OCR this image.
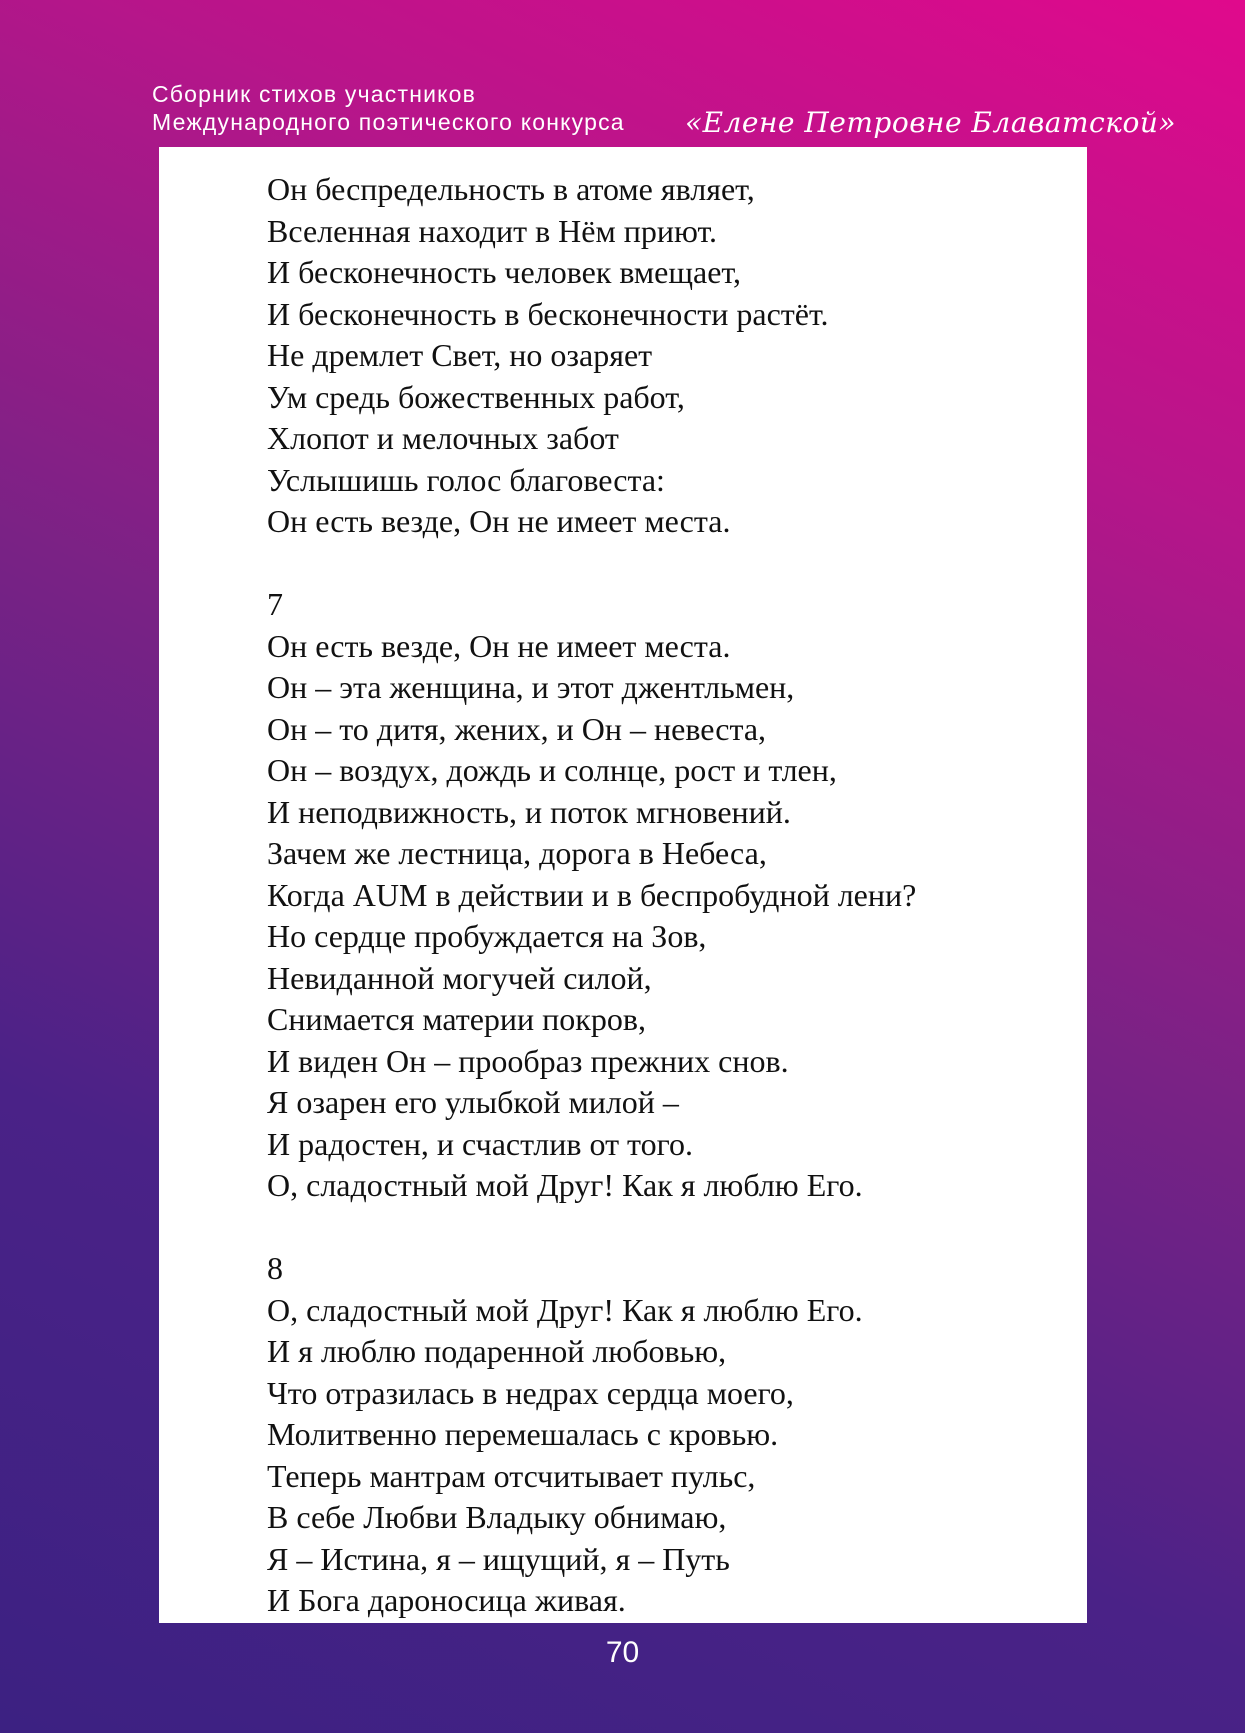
Сборник стихов участников
Международного поэтического конкурса	«Елене Петровне Блаватской»
Он беспредельность в атоме являет,
Вселенная находит в Нём приют.
И бесконечность человек вмещает,
И бесконечность в бесконечности растёт.
Не дремлет Свет, но озаряет
Ум средь божественных работ,
Хлопот и мелочных забот
Услышишь голос благовеста:
Он есть везде, Он не имеет места.
7
Он есть везде, Он не имеет места.
Он – эта женщина, и этот джентльмен,
Он – то дитя, жених, и Он – невеста,
Он – воздух, дождь и солнце, рост и тлен,
И неподвижность, и поток мгновений.
Зачем же лестница, дорога в Небеса,
Когда AUM в действии и в беспробудной лени?
Но сердце пробуждается на Зов,
Невиданной могучей силой,
Снимается материи покров,
И виден Он – прообраз прежних снов.
Я озарен его улыбкой милой –
И радостен, и счастлив от того.
О, сладостный мой Друг! Как я люблю Его.
8
О, сладостный мой Друг! Как я люблю Его.
И я люблю подаренной любовью,
Что отразилась в недрах сердца моего,
Молитвенно перемешалась с кровью.
Теперь мантрам отсчитывает пульс,
В себе Любви Владыку обнимаю,
Я – Истина, я – ищущий, я – Путь
И Бога дароносица живая.
70
